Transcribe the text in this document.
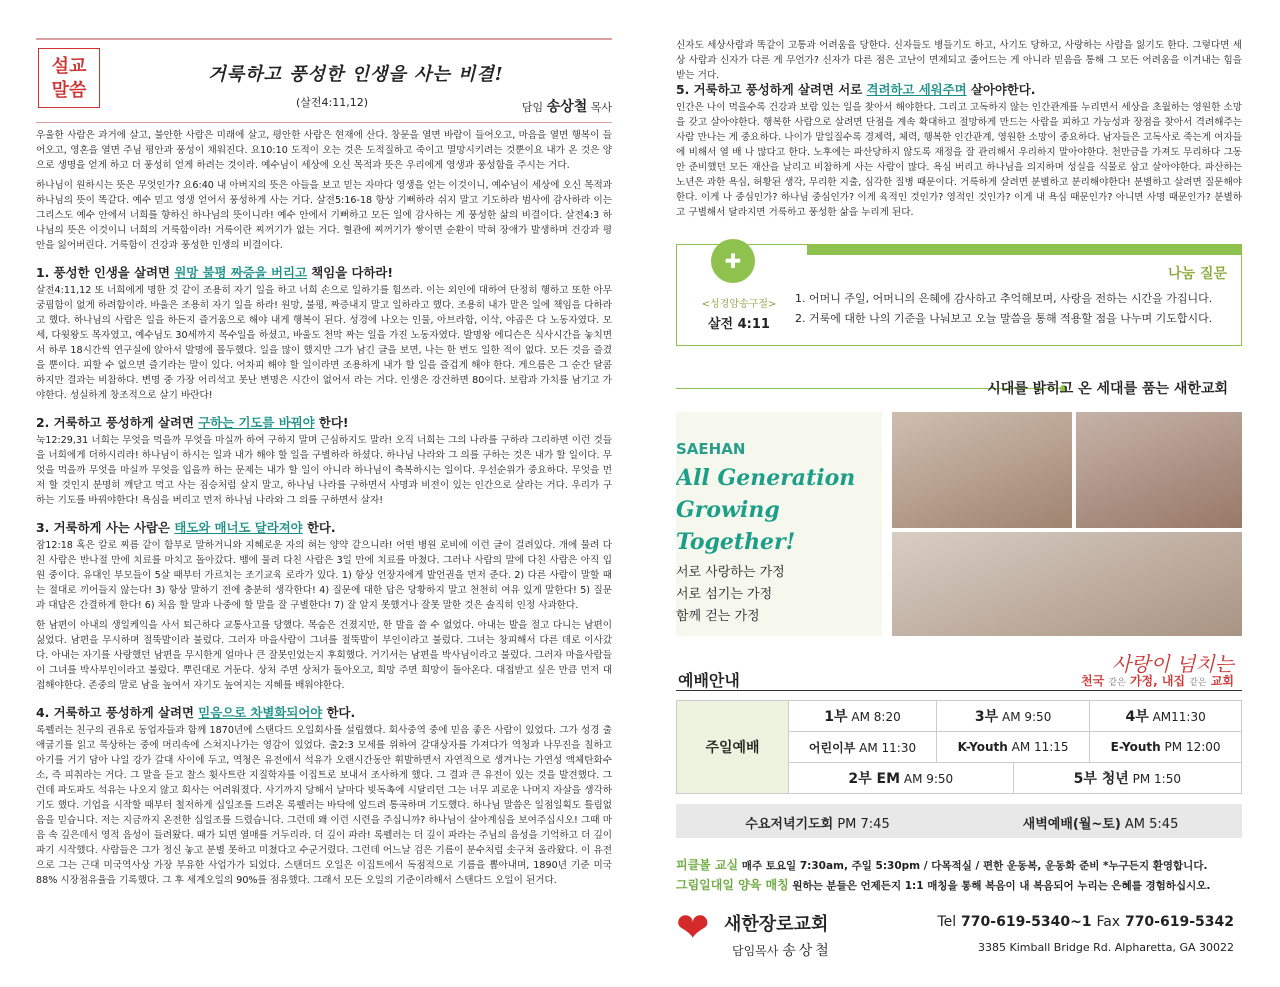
설교
말씀
거룩하고 풍성한 인생을 사는 비결!
(살전4:11,12)	담임 송상철 목사

우울한 사람은 과거에 살고, 불안한 사람은 미래에 살고, 평안한 사람은 현재에 산다. 창문을 열면 바람이 들어오고, 마음을 열면 행복이 들어오고, 영혼을 열면 주님 평안과 풍성이 채워진다. 요10:10 도적이 오는 것은 도적질하고 죽이고 멸망시키려는 것뿐이요 내가 온 것은 양으로 생명을 얻게 하고 더 풍성히 얻게 하려는 것이라. 예수님이 세상에 오신 목적과 뜻은 우리에게 영생과 풍성함을 주시는 거다.

하나님이 원하시는 뜻은 무엇인가? 요6:40 내 아버지의 뜻은 아들을 보고 믿는 자마다 영생을 얻는 이것이니, 예수님이 세상에 오신 목적과 하나님의 뜻이 똑같다. 예수 믿고 영생 얻어서 풍성하게 사는 거다. 살전5:16-18 항상 기뻐하라 쉬지 말고 기도하라 범사에 감사하라 이는 그리스도 예수 안에서 너희를 향하신 하나님의 뜻이니라! 예수 안에서 기뻐하고 모든 일에 감사하는 게 풍성한 삶의 비결이다. 살전4:3 하나님의 뜻은 이것이니 너희의 거룩함이라! 거룩이란 찌꺼기가 없는 거다. 혈관에 찌꺼기가 쌓이면 순환이 막혀 장애가 발생하며 건강과 평안을 잃어버린다. 거룩함이 건강과 풍성한 인생의 비결이다.

1. 풍성한 인생을 살려면 원망 불평 짜증을 버리고 책임을 다하라!

살전4:11,12 또 너희에게 명한 것 같이 조용히 자기 일을 하고 너희 손으로 일하기를 힘쓰라. 이는 외인에 대하여 단정히 행하고 또한 아무 궁핍함이 없게 하려함이라. 바울은 조용히 자기 일을 하라! 원망, 불평, 짜증내지 말고 일하라고 했다. 조용히 내가 맡은 일에 책임을 다하라고 했다. 하나님의 사람은 일을 하든지 즐거움으로 해야 내게 행복이 된다. 성경에 나오는 인물, 아브라함, 이삭, 야곱은 다 노동자였다. 모세, 다윗왕도 목자였고, 예수님도 30세까지 목수일을 하셨고, 바울도 천막 짜는 일을 가진 노동자였다. 발명왕 에디슨은 식사시간을 놓치면서 하루 18시간씩 연구실에 앉아서 발명에 몰두했다. 일을 많이 했지만 그가 남긴 글을 보면, 나는 한 번도 일한 적이 없다. 모든 것을 즐겼을 뿐이다. 피할 수 없으면 즐기라는 말이 있다. 어차피 해야 할 일이라면 조용하게 내가 할 일을 즐겁게 해야 한다. 게으름은 그 순간 달콤하지만 결과는 비참하다. 변명 중 가장 어리석고 못난 변명은 시간이 없어서 라는 거다. 인생은 강건하면 80이다. 보람과 가치를 남기고 가야한다. 성실하게 창조적으로 살기 바란다!

2. 거룩하고 풍성하게 살려면 구하는 기도를 바꿔야 한다!

눅12:29,31 너희는 무엇을 먹을까 무엇을 마실까 하여 구하지 말며 근심하지도 말라! 오직 너희는 그의 나라를 구하라 그리하면 이런 것들을 너희에게 더하시리라! 하나님이 하시는 일과 내가 해야 할 일을 구별하라 하셨다. 하나님 나라와 그 의를 구하는 것은 내가 할 일이다. 무엇을 먹을까 무엇을 마실까 무엇을 입을까 하는 문제는 내가 할 일이 아니라 하나님이 축복하시는 일이다. 우선순위가 중요하다. 무엇을 먼저 할 것인지 분명히 깨닫고 먹고 사는 짐승처럼 살지 말고, 하나님 나라를 구하면서 사명과 비전이 있는 인간으로 살라는 거다. 우리가 구하는 기도를 바꿔야한다! 욕심을 버리고 먼저 하나님 나라와 그 의를 구하면서 살자!

3. 거룩하게 사는 사람은 태도와 매너도 달라져야 한다.

잠12:18 혹은 칼로 찌름 같이 함부로 말하거니와 지혜로운 자의 혀는 양약 같으니라! 어떤 병원 로비에 이런 글이 걸려있다. 개에 물려 다친 사람은 반나절 만에 치료를 마치고 돌아갔다. 뱀에 물려 다친 사람은 3일 만에 치료를 마쳤다. 그러나 사람의 말에 다친 사람은 아직 입원 중이다. 유대인 부모들이 5살 때부터 가르치는 조기교육 로라가 있다. 1) 항상 언장자에게 발언권을 먼저 준다. 2) 다른 사람이 말할 때는 절대로 끼어들지 않는다! 3) 항상 말하기 전에 충분히 생각한다! 4) 질문에 대한 답은 당황하지 말고 천천히 여유 있게 말한다! 5) 질문과 대답은 간결하게 한다! 6) 처음 할 말과 나중에 할 말을 잘 구별한다! 7) 잘 알지 못했거나 잘못 말한 것은 솔직히 인정 사과한다.

한 남편이 아내의 생일케익을 사서 퇴근하다 교통사고를 당했다. 목숨은 건졌지만, 한 발을 쓸 수 없었다. 아내는 발을 절고 다니는 남편이 싫었다. 남편을 무시하며 절뚝발이라 불렀다. 그러자 마을사람이 그녀를 절뚝발이 부인이라고 불렀다. 그녀는 창피해서 다른 데로 이사갔다. 아내는 자기를 사랑했던 남편을 무시한게 얼마나 큰 잘못인었는지 후회했다. 거기서는 남편을 박사님이라고 불렀다. 그러자 마을사람들이 그녀를 박사부인이라고 불렀다. 뿌린대로 거둔다. 상처 주면 상처가 돌아오고, 희망 주면 희망이 돌아온다. 대접받고 싶은 만큼 먼저 대접해야한다. 존중의 말로 남을 높여서 자기도 높여지는 지혜를 배워야한다.

4. 거룩하고 풍성하게 살려면 믿음으로 차별화되어야 한다.

록펠러는 친구의 권유로 동업자들과 함께 1870년에 스탠다드 오일회사를 설립했다. 회사중역 중에 믿음 좋은 사람이 있었다. 그가 성경 출애굽기를 읽고 묵상하는 중에 머리속에 스쳐지나가는 영감이 있었다. 출2:3 모세를 위하여 갈대상자를 가져다가 역청과 나무진을 칠하고 아기를 거기 담아 나일 강가 갈대 사이에 두고, 역청은 유전에서 석유가 오랜시간동안 휘발하면서 자연적으로 생겨나는 가연성 액체탄화수소, 즉 피취라는 거다. 그 말을 듣고 찰스 휫사트란 지질학자를 이집트로 보내서 조사하게 했다. 그 결과 큰 유전이 있는 것을 발견했다. 그런데 파도파도 석유는 나오지 않고 회사는 어려워졌다. 사기까지 당해서 날마다 빚독촉에 시달리던 그는 너무 괴로운 나머지 자살을 생각하기도 했다. 기업을 시작할 때부터 철저하게 십일조를 드려온 록펠러는 바닥에 엎드려 통곡하며 기도했다. 하나님 말씀은 일점일획도 틀림없음을 믿습니다. 저는 지금까지 온전한 십일조를 드렸습니다. 그런데 왜 이런 시련을 주십니까? 하나님이 살아계심을 보여주십시오! 그때 마음 속 깊은데서 영적 음성이 들려왔다. 때가 되면 열매를 거두리라. 더 깊이 파라! 록펠러는 더 깊이 파라는 주님의 음성을 기억하고 더 깊이 파기 시작했다. 사람들은 그가 정신 놓고 분별 못하고 미쳤다고 수군거렸다. 그런데 어느날 검은 기름이 분수처럼 솟구쳐 올라왔다. 이 유전으로 그는 근대 미국역사상 가장 부유한 사업가가 되었다. 스탠더드 오일은 이집트에서 독점적으로 기름을 뽑아내며, 1890년 기준 미국88% 시장점유율을 기록했다. 그 후 세계오일의 90%를 점유했다. 그래서 모든 오일의 기준이라해서 스탠다드 오일이 된거다.

신자도 세상사람과 똑같이 고통과 어려움을 당한다. 신자들도 병들기도 하고, 사기도 당하고, 사랑하는 사람을 잃기도 한다. 그렇다면 세상 사람과 신자가 다른 게 무언가? 신자가 다른 점은 고난이 면제되고 줄어드는 게 아니라 믿음을 통해 그 모든 어려움을 이겨내는 힘을 받는 거다.
5. 거룩하고 풍성하게 살려면 서로 격려하고 세워주며 살아야한다.
인간은 나이 먹을수록 건강과 보람 있는 일을 찾아서 해야한다. 그리고 고독하지 않는 인간관계를 누리면서 세상을 초월하는 영원한 소망을 갖고 살아야한다. 행복한 사람으로 살려면 단점을 계속 확대하고 절망하게 만드는 사람을 피하고 가능성과 장점을 찾아서 격려해주는 사람 만나는 게 중요하다. 나이가 맡일질수록 경제력, 체력, 행복한 인간관계, 영원한 소망이 중요하다. 남자들은 고독사로 죽는게 여자들에 비해서 열 배 나 많다고 한다. 노후에는 파산당하지 않도록 재정을 잘 관리해서 우리하지 말아야한다. 천만금을 가져도 무리하다 그동안 준비했던 모든 재산을 날리고 비참하게 사는 사람이 많다. 욕심 버리고 하나님을 의지하며 성실을 식물로 삼고 살아야한다. 파산하는 노년은 과한 욕심, 허황된 생각, 무리한 지출, 심각한 질병 때문이다. 거룩하게 살려면 분별하고 분리해야한다! 분별하고 살려면 질문해야한다. 이게 나 중심인가? 하나님 중심인가? 이게 육적인 것인가? 영적인 것인가? 이게 내 욕심 때문인가? 아니면 사명 때문인가? 분별하고 구별해서 달라지면 거룩하고 풍성한 삶을 누리게 된다.
✚
<성경암송구절>
살전 4:11
나눔 질문
1. 어머니 주일, 어머니의 은혜에 감사하고 추억해보며, 사랑을 전하는 시간을 가집니다.
2. 거룩에 대한 나의 기준을 나눠보고 오늘 말씀을 통해 적용할 점을 나누며 기도합시다.
시대를 밝히고 온 세대를 품는 새한교회
SAEHAN
All Generation
Growing Together!
서로 사랑하는 가정
서로 섬기는 가정
함께 걷는 가정
사랑이 넘치는
천국 같은 가정, 내집 같은 교회
예배안내
주일예배	1부 AM 8:20	3부 AM 9:50		4부 AM11:30
	어린이부 AM 11:30	K-Youth AM 11:15		E-Youth PM 12:00
	2부 EM AM 9:50		5부 청년 PM 1:50	
수요저녁기도회 PM 7:45	새벽예배(월~토) AM 5:45
피클볼 교실 매주 토요일 7:30am, 주일 5:30pm / 다목적실 / 편한 운동복, 운동화 준비 *누구든지 환영합니다.
그림일대일 양육 매칭 원하는 분들은 언제든지 1:1 매칭을 통해 복음이 내 복음되어 누리는 은혜를 경험하십시오.
❤ 새한장로교회
담임목사 송상철
Tel 770-619-5340~1 Fax 770-619-5342
3385 Kimball Bridge Rd. Alpharetta, GA 30022
